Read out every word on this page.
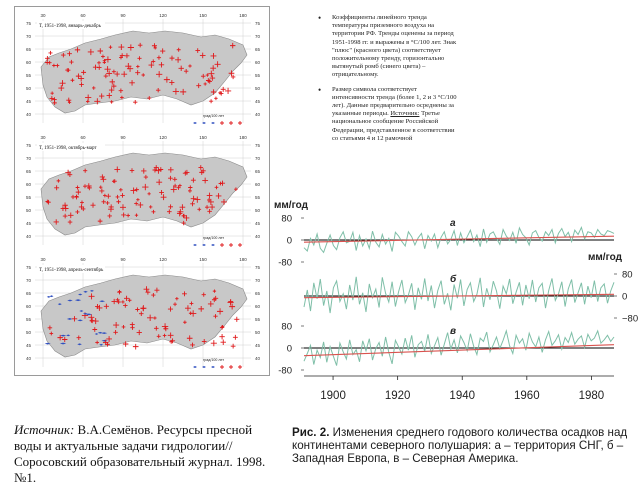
30	60	90	120	150	180
75	75
70	70
65	65
60	60
55	55
50	50
45	45
40	40
T, 1951-1998, январь-декабрь
град/100 лет
30	60	90	120	150	180
75	75
70	70
65	65
60	60
55	55
50	50
45	45
40	40
T, 1951-1998, октябрь-март
град/100 лет
30	60	90	120	150	180
75	75
70	70
65	65
60	60
55	55
50	50
45	45
40	40
T, 1951-1998, апрель-сентябрь
град/100 лет
• Коэффициенты линейного тренда температуры приземного воздуха на территории РФ. Тренды оценены за период 1951-1998 гг. и выражены в °С/100 лет. Знак "плюс" (красного цвета) соответствует положительному тренду, горизонтально вытянутый ромб (синего цвета) – отрицательному.
• Размер символа соответствует интенсивности тренда (более 1, 2 и 3 °С/100 лет). Данные предварительно осреднены за указанные периоды. Источник: Третье национальное сообщение Российской Федерации, представленное в соответствии со статьями 4 и 12 рамочной
мм/год
мм/год
80
0
-80
а
80
0
−80
б
80
0
-80
в
1900	1920	1940	1960	1980
Рис. 2. Изменения среднего годового количества осадков над континентами северного полушария: а – территория СНГ, б – Западная Европа, в – Северная Америка.
Источник: В.А.Семёнов. Ресурсы пресной воды и актуальные задачи гидрологии// Соросовский образовательный журнал. 1998. №1.
